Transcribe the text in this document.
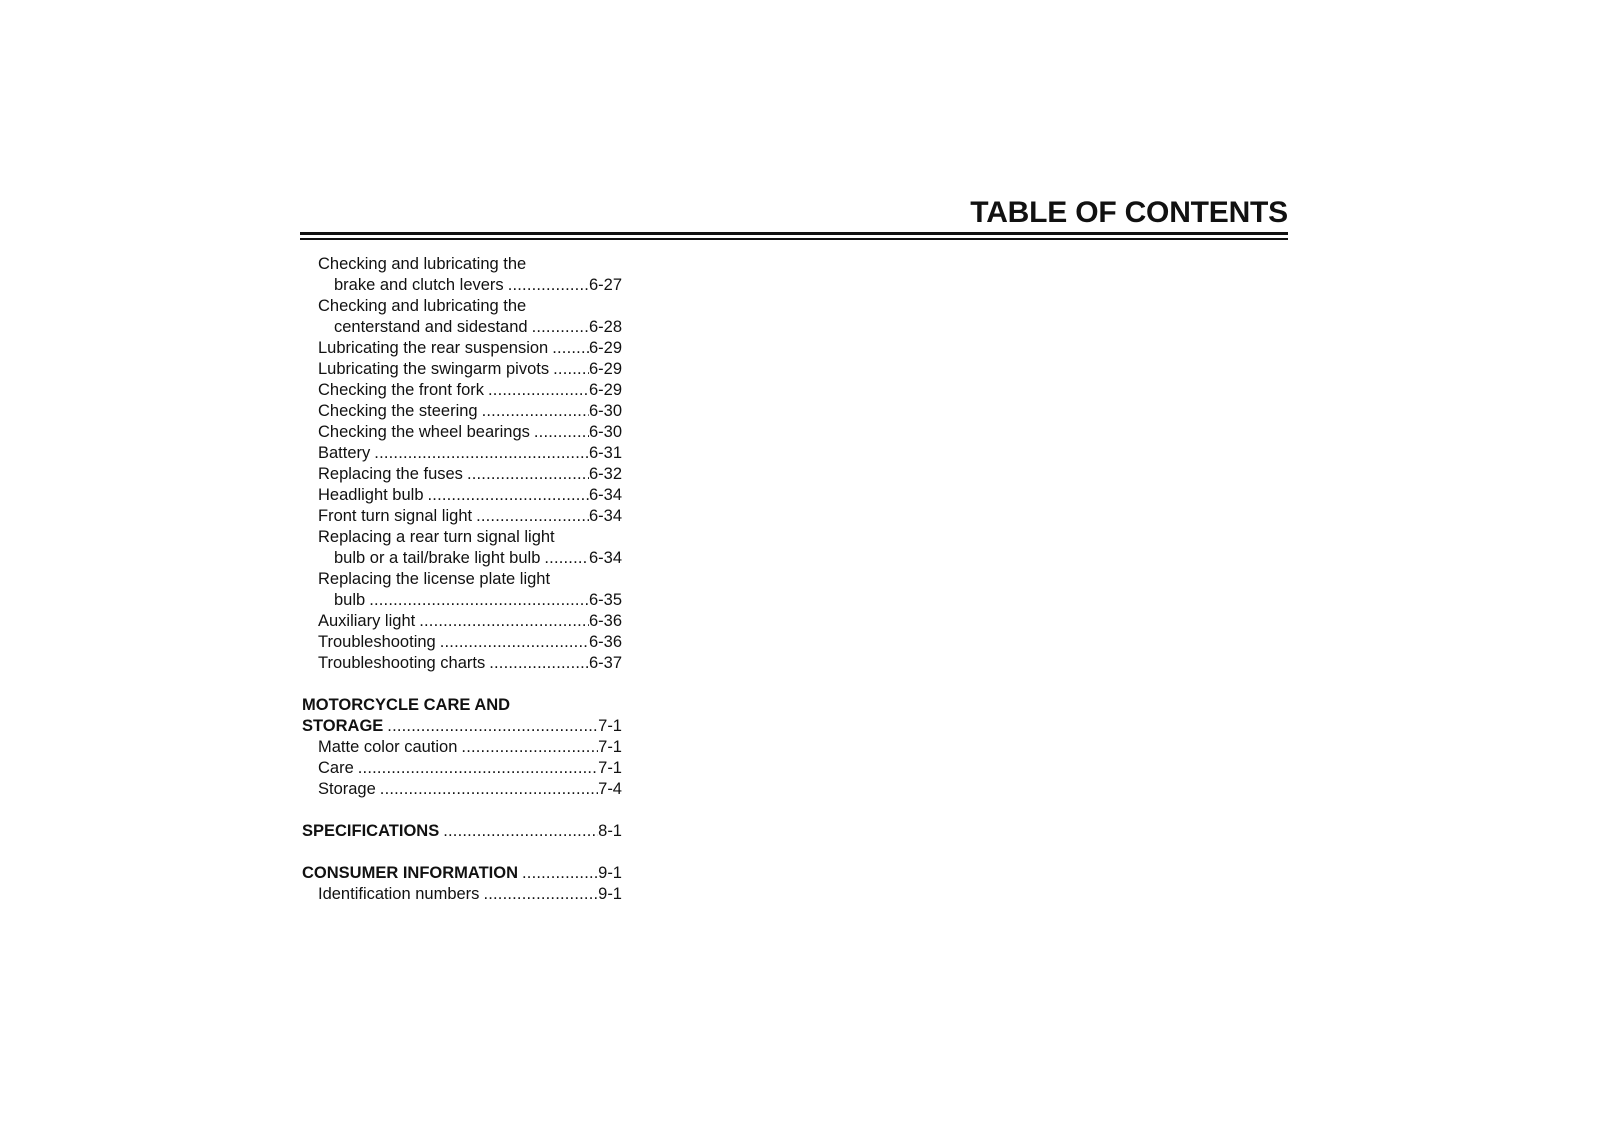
TABLE OF CONTENTS
Checking and lubricating the
brake and clutch levers .....	6-27
Checking and lubricating the
centerstand and sidestand .....	6-28
Lubricating the rear suspension ..... 6-29
Lubricating the swingarm pivots ..... 6-29
Checking the front fork .....	6-29
Checking the steering .....	6-30
Checking the wheel bearings .....	6-30
Battery .....	6-31
Replacing the fuses .....	6-32
Headlight bulb .....	6-34
Front turn signal light .....	6-34
Replacing a rear turn signal light
bulb or a tail/brake light bulb .....	6-34
Replacing the license plate light
bulb .....	6-35
Auxiliary light .....	6-36
Troubleshooting .....	6-36
Troubleshooting charts .....	6-37
MOTORCYCLE CARE AND
STORAGE .....	7-1
Matte color caution .....	7-1
Care .....	7-1
Storage .....	7-4
SPECIFICATIONS .....	8-1
CONSUMER INFORMATION .....	9-1
Identification numbers .....	9-1
